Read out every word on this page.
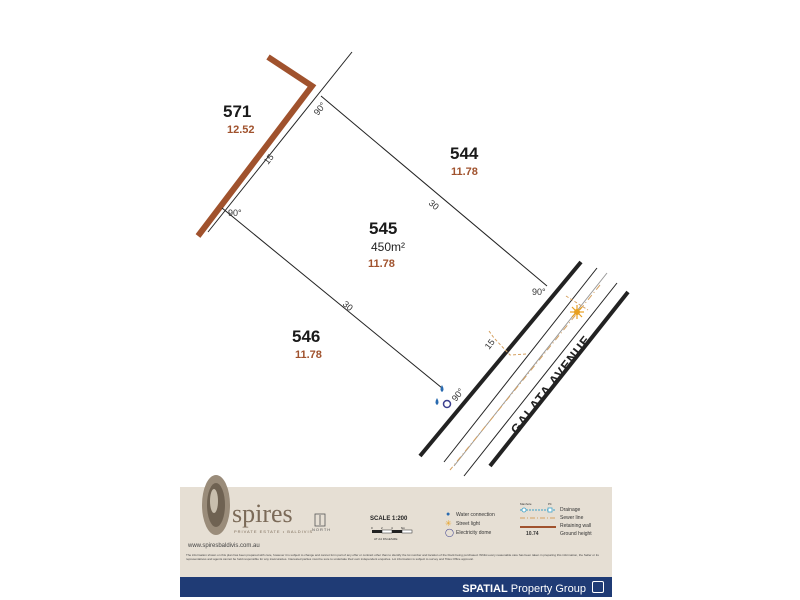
571
12.52
544
11.78
545
450m²
11.78
546
11.78
30
15
30
15
90°
90°
90°
90°	GALATA AVENUE
spires
PRIVATE ESTATE • BALDIVIS
www.spiresbaldivis.com.au
NORTH
SCALE 1:200
0	2	4	6m
AT A4 PAGESIZE
● Water connection
✳ Street light
◯ Electricity dome
Manhole	Pit
Drainage
Sewer line
Retaining wall
10.74	Ground height
The information shown on this plan has been prepared with care, however it is subject to change and cannot form part of any offer or contract other than to identify the lot number and location of the block being purchased. Whilst every reasonable care has been taken in preparing this information, the Seller or its representatives and agents cannot be held responsible for any inaccuracies. Interested parties must be sure to undertake their own independent enquiries. Lot information is subject to survey and Titles Office approval.
SPATIAL Property Group
